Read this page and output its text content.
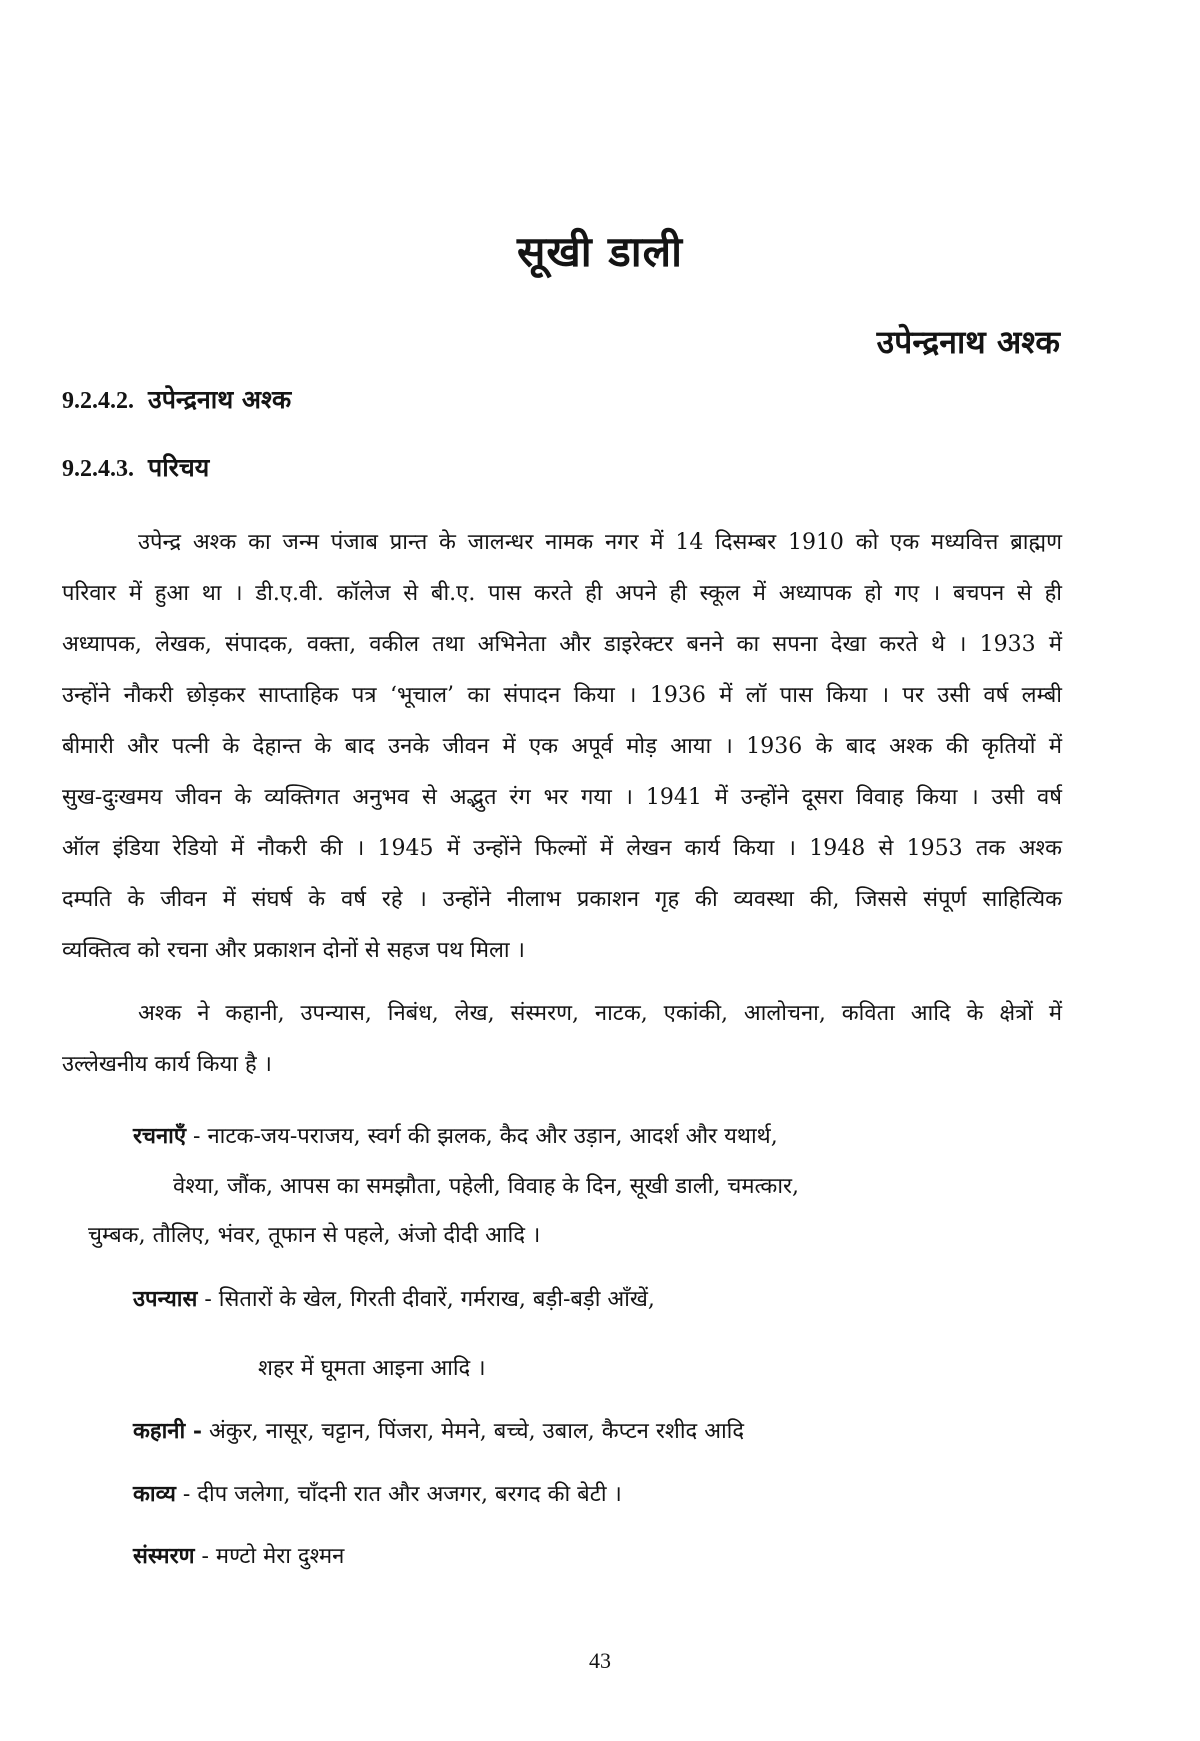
सूखी डाली
उपेन्द्रनाथ अश्क
9.2.4.2. उपेन्द्रनाथ अश्क
9.2.4.3. परिचय
उपेन्द्र अश्क का जन्म पंजाब प्रान्त के जालन्धर नामक नगर में 14 दिसम्बर 1910 को एक मध्यवित्त ब्राह्मण
परिवार में हुआ था । डी.ए.वी. कॉलेज से बी.ए. पास करते ही अपने ही स्कूल में अध्यापक हो गए । बचपन से ही
अध्यापक, लेखक, संपादक, वक्ता, वकील तथा अभिनेता और डाइरेक्टर बनने का सपना देखा करते थे । 1933 में
उन्होंने नौकरी छोड़कर साप्ताहिक पत्र ‘भूचाल’ का संपादन किया । 1936 में लॉ पास किया । पर उसी वर्ष लम्बी
बीमारी और पत्नी के देहान्त के बाद उनके जीवन में एक अपूर्व मोड़ आया । 1936 के बाद अश्क की कृतियों में
सुख-दुःखमय जीवन के व्यक्तिगत अनुभव से अद्भुत रंग भर गया । 1941 में उन्होंने दूसरा विवाह किया । उसी वर्ष
ऑल इंडिया रेडियो में नौकरी की । 1945 में उन्होंने फिल्मों में लेखन कार्य किया । 1948 से 1953 तक अश्क
दम्पति के जीवन में संघर्ष के वर्ष रहे । उन्होंने नीलाभ प्रकाशन गृह की व्यवस्था की, जिससे संपूर्ण साहित्यिक
व्यक्तित्व को रचना और प्रकाशन दोनों से सहज पथ मिला ।
अश्क ने कहानी, उपन्यास, निबंध, लेख, संस्मरण, नाटक, एकांकी, आलोचना, कविता आदि के क्षेत्रों में
उल्लेखनीय कार्य किया है ।
रचनाएँ - नाटक-जय-पराजय, स्वर्ग की झलक, कैद और उड़ान, आदर्श और यथार्थ,
वेश्या, जौंक, आपस का समझौता, पहेली, विवाह के दिन, सूखी डाली, चमत्कार,
चुम्बक, तौलिए, भंवर, तूफान से पहले, अंजो दीदी आदि ।
उपन्यास - सितारों के खेल, गिरती दीवारें, गर्मराख, बड़ी-बड़ी आँखें,
शहर में घूमता आइना आदि ।
कहानी - अंकुर, नासूर, चट्टान, पिंजरा, मेमने, बच्चे, उबाल, कैप्टन रशीद आदि
काव्य - दीप जलेगा, चाँदनी रात और अजगर, बरगद की बेटी ।
संस्मरण - मण्टो मेरा दुश्मन
43
